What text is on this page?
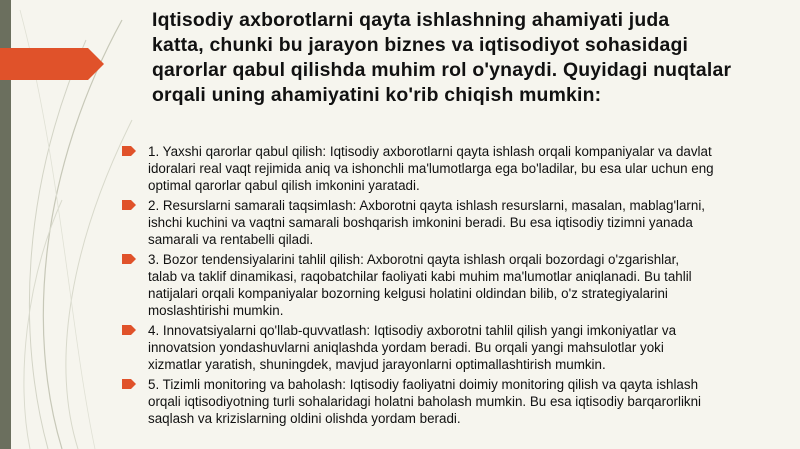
Iqtisodiy axborotlarni qayta ishlashning ahamiyati juda
katta, chunki bu jarayon biznes va iqtisodiyot sohasidagi
qarorlar qabul qilishda muhim rol o'ynaydi. Quyidagi nuqtalar
orqali uning ahamiyatini ko'rib chiqish mumkin:
1. Yaxshi qarorlar qabul qilish: Iqtisodiy axborotlarni qayta ishlash orqali kompaniyalar va davlat
idoralari real vaqt rejimida aniq va ishonchli ma'lumotlarga ega bo'ladilar, bu esa ular uchun eng
optimal qarorlar qabul qilish imkonini yaratadi.
2. Resurslarni samarali taqsimlash: Axborotni qayta ishlash resurslarni, masalan, mablag'larni,
ishchi kuchini va vaqtni samarali boshqarish imkonini beradi. Bu esa iqtisodiy tizimni yanada
samarali va rentabelli qiladi.
3. Bozor tendensiyalarini tahlil qilish: Axborotni qayta ishlash orqali bozordagi o'zgarishlar,
talab va taklif dinamikasi, raqobatchilar faoliyati kabi muhim ma'lumotlar aniqlanadi. Bu tahlil
natijalari orqali kompaniyalar bozorning kelgusi holatini oldindan bilib, o'z strategiyalarini
moslashtirishi mumkin.
4. Innovatsiyalarni qo'llab-quvvatlash: Iqtisodiy axborotni tahlil qilish yangi imkoniyatlar va
innovatsion yondashuvlarni aniqlashda yordam beradi. Bu orqali yangi mahsulotlar yoki
xizmatlar yaratish, shuningdek, mavjud jarayonlarni optimallashtirish mumkin.
5. Tizimli monitoring va baholash: Iqtisodiy faoliyatni doimiy monitoring qilish va qayta ishlash
orqali iqtisodiyotning turli sohalaridagi holatni baholash mumkin. Bu esa iqtisodiy barqarorlikni
saqlash va krizislarning oldini olishda yordam beradi.
